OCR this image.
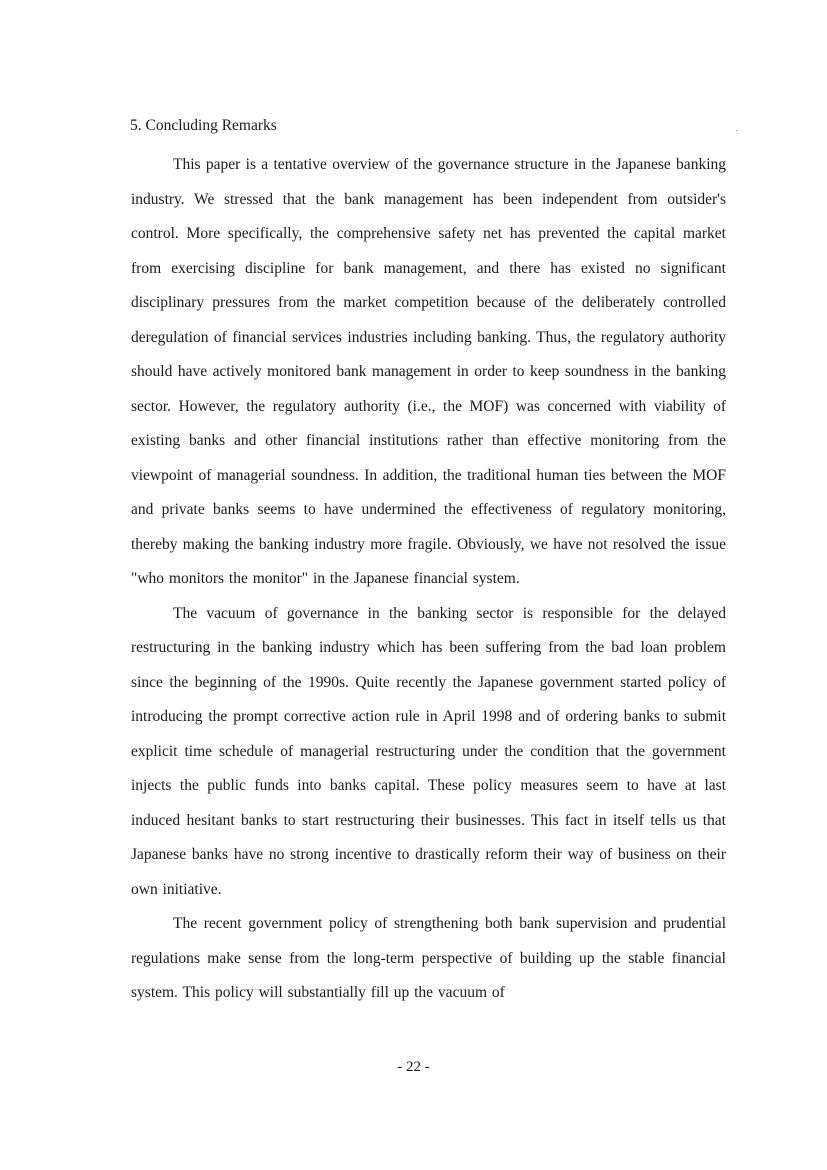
5. Concluding Remarks

This paper is a tentative overview of the governance structure in the Japanese banking industry. We stressed that the bank management has been independent from outsider's control. More specifically, the comprehensive safety net has prevented the capital market from exercising discipline for bank management, and there has existed no significant disciplinary pressures from the market competition because of the deliberately controlled deregulation of financial services industries including banking. Thus, the regulatory authority should have actively monitored bank management in order to keep soundness in the banking sector. However, the regulatory authority (i.e., the MOF) was concerned with viability of existing banks and other financial institutions rather than effective monitoring from the viewpoint of managerial soundness. In addition, the traditional human ties between the MOF and private banks seems to have undermined the effectiveness of regulatory monitoring, thereby making the banking industry more fragile. Obviously, we have not resolved the issue "who monitors the monitor" in the Japanese financial system.

The vacuum of governance in the banking sector is responsible for the delayed restructuring in the banking industry which has been suffering from the bad loan problem since the beginning of the 1990s. Quite recently the Japanese government started policy of introducing the prompt corrective action rule in April 1998 and of ordering banks to submit explicit time schedule of managerial restructuring under the condition that the government injects the public funds into banks capital. These policy measures seem to have at last induced hesitant banks to start restructuring their businesses. This fact in itself tells us that Japanese banks have no strong incentive to drastically reform their way of business on their own initiative.

The recent government policy of strengthening both bank supervision and prudential regulations make sense from the long-term perspective of building up the stable financial system. This policy will substantially fill up the vacuum of

- 22 -
